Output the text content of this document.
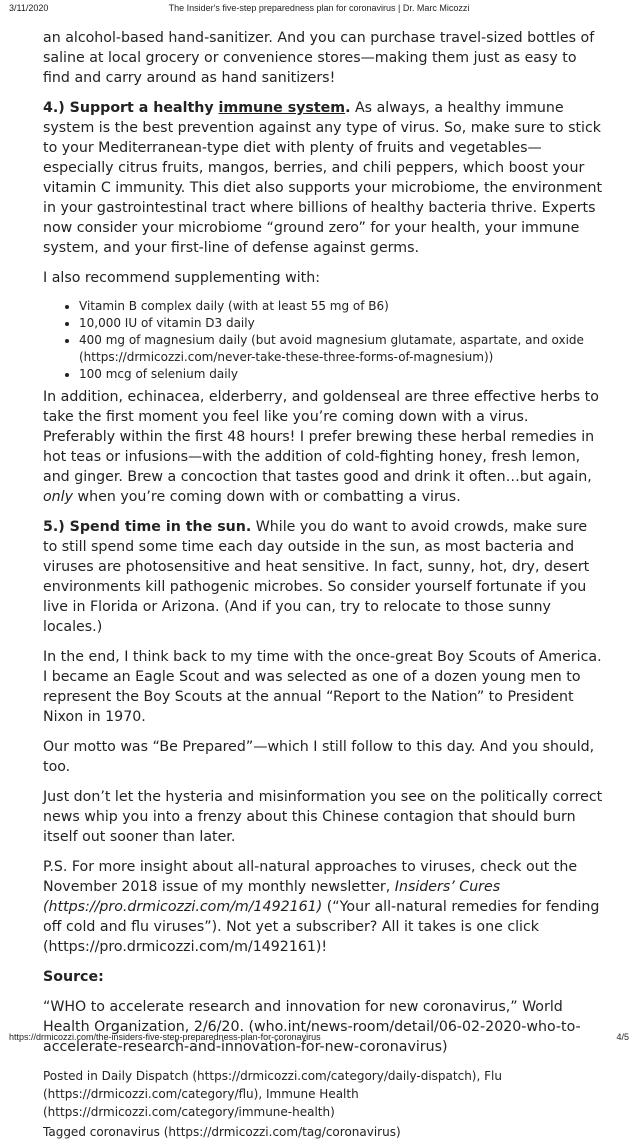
3/11/2020	The Insider's five-step preparedness plan for coronavirus | Dr. Marc Micozzi

an alcohol-based hand-sanitizer. And you can purchase travel-sized bottles of saline at local grocery or convenience stores—making them just as easy to find and carry around as hand sanitizers!

4.) Support a healthy immune system. As always, a healthy immune system is the best prevention against any type of virus. So, make sure to stick to your Mediterranean-type diet with plenty of fruits and vegetables—especially citrus fruits, mangos, berries, and chili peppers, which boost your vitamin C immunity. This diet also supports your microbiome, the environment in your gastrointestinal tract where billions of healthy bacteria thrive. Experts now consider your microbiome “ground zero” for your health, your immune system, and your first-line of defense against germs.

I also recommend supplementing with:

• Vitamin B complex daily (with at least 55 mg of B6)
• 10,000 IU of vitamin D3 daily
• 400 mg of magnesium daily (but avoid magnesium glutamate, aspartate, and oxide (https://drmicozzi.com/never-take-these-three-forms-of-magnesium))
• 100 mcg of selenium daily

In addition, echinacea, elderberry, and goldenseal are three effective herbs to take the first moment you feel like you’re coming down with a virus. Preferably within the first 48 hours! I prefer brewing these herbal remedies in hot teas or infusions—with the addition of cold-fighting honey, fresh lemon, and ginger. Brew a concoction that tastes good and drink it often…but again, only when you’re coming down with or combatting a virus.

5.) Spend time in the sun. While you do want to avoid crowds, make sure to still spend some time each day outside in the sun, as most bacteria and viruses are photosensitive and heat sensitive. In fact, sunny, hot, dry, desert environments kill pathogenic microbes. So consider yourself fortunate if you live in Florida or Arizona. (And if you can, try to relocate to those sunny locales.)

In the end, I think back to my time with the once-great Boy Scouts of America. I became an Eagle Scout and was selected as one of a dozen young men to represent the Boy Scouts at the annual “Report to the Nation” to President Nixon in 1970.

Our motto was “Be Prepared”—which I still follow to this day. And you should, too.

Just don’t let the hysteria and misinformation you see on the politically correct news whip you into a frenzy about this Chinese contagion that should burn itself out sooner than later.

P.S. For more insight about all-natural approaches to viruses, check out the November 2018 issue of my monthly newsletter, Insiders’ Cures (https://pro.drmicozzi.com/m/1492161) (“Your all-natural remedies for fending off cold and flu viruses”). Not yet a subscriber? All it takes is one click (https://pro.drmicozzi.com/m/1492161)!

Source:

“WHO to accelerate research and innovation for new coronavirus,” World Health Organization, 2/6/20. (who.int/news-room/detail/06-02-2020-who-to-accelerate-research-and-innovation-for-new-coronavirus)

Posted in Daily Dispatch (https://drmicozzi.com/category/daily-dispatch), Flu (https://drmicozzi.com/category/flu), Immune Health (https://drmicozzi.com/category/immune-health)

Tagged coronavirus (https://drmicozzi.com/tag/coronavirus)

https://drmicozzi.com/the-insiders-five-step-preparedness-plan-for-coronavirus	4/5
